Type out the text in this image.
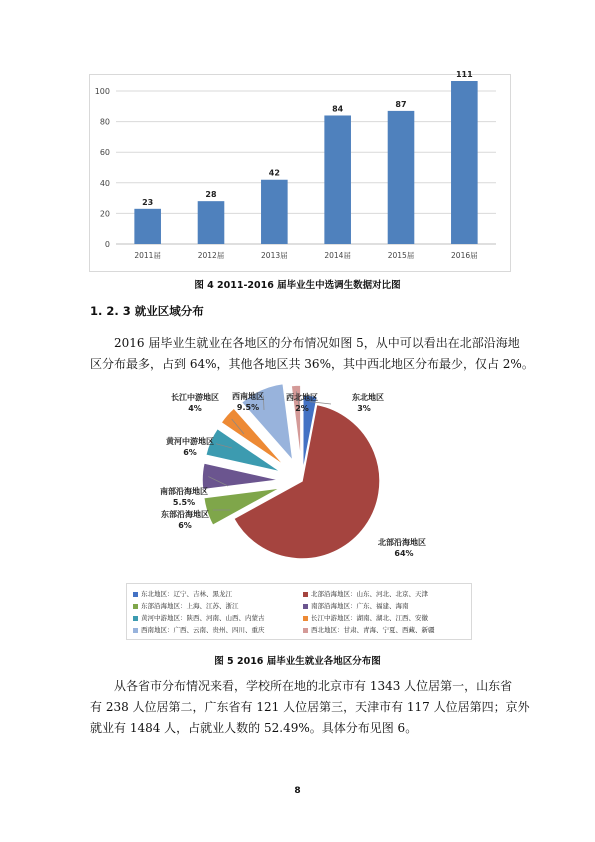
0
20
40
60
80
100
23
2011届
28
2012届
42
2013届
84
2014届
87
2015届
111
2016届
图 4 2011-2016 届毕业生中选调生数据对比图
1. 2. 3 就业区域分布
2016 届毕业生就业在各地区的分布情况如图 5，从中可以看出在北部沿海地
区分布最多，占到 64%，其他各地区共 36%，其中西北地区分布最少，仅占 2%。
东北地区
3%
北部沿海地区
64%
东部沿海地区
6%
南部沿海地区
5.5%
黄河中游地区
6%
长江中游地区
4%
西南地区
9.5%
西北地区
2%
东北地区：辽宁、吉林、黑龙江	北部沿海地区：山东、河北、北京、天津
东部沿海地区：上海、江苏、浙江	南部沿海地区：广东、福建、海南
黄河中游地区：陕西、河南、山西、内蒙古	长江中游地区：湖南、湖北、江西、安徽
西南地区：广西、云南、贵州、四川、重庆	西北地区：甘肃、青海、宁夏、西藏、新疆
图 5 2016 届毕业生就业各地区分布图
从各省市分布情况来看，学校所在地的北京市有 1343 人位居第一，山东省
有 238 人位居第二，广东省有 121 人位居第三，天津市有 117 人位居第四；京外
就业有 1484 人，占就业人数的 52.49%。具体分布见图 6。
8
